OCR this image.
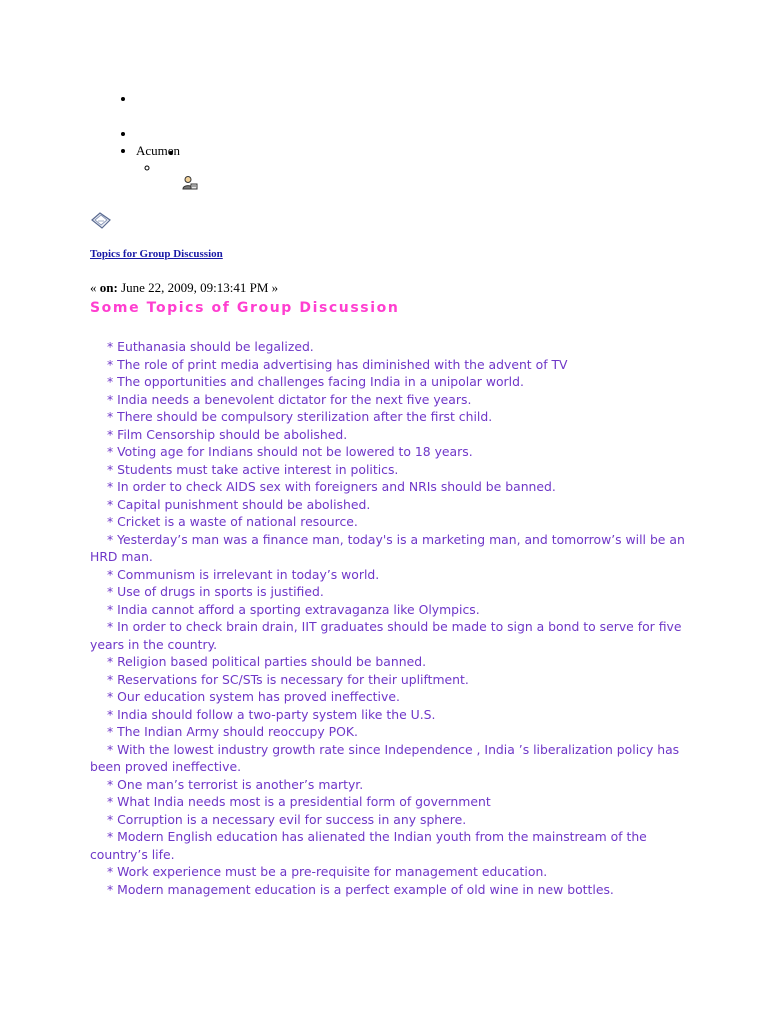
•
•
• Acumen
◦
Topics for Group Discussion
« on: June 22, 2009, 09:13:41 PM »
Some Topics of Group Discussion

* Euthanasia should be legalized.

* The role of print media advertising has diminished with the advent of TV

* The opportunities and challenges facing India in a unipolar world.

* India needs a benevolent dictator for the next five years.

* There should be compulsory sterilization after the first child.

* Film Censorship should be abolished.

* Voting age for Indians should not be lowered to 18 years.

* Students must take active interest in politics.

* In order to check AIDS sex with foreigners and NRIs should be banned.

* Capital punishment should be abolished.

* Cricket is a waste of national resource.

* Yesterday’s man was a finance man, today's is a marketing man, and tomorrow’s will be an HRD man.

* Communism is irrelevant in today’s world.

* Use of drugs in sports is justified.

* India cannot afford a sporting extravaganza like Olympics.

* In order to check brain drain, IIT graduates should be made to sign a bond to serve for five years in the country.

* Religion based political parties should be banned.

* Reservations for SC/STs is necessary for their upliftment.

* Our education system has proved ineffective.

* India should follow a two-party system like the U.S.

* The Indian Army should reoccupy POK.

* With the lowest industry growth rate since Independence , India ’s liberalization policy has been proved ineffective.

* One man’s terrorist is another’s martyr.

* What India needs most is a presidential form of government

* Corruption is a necessary evil for success in any sphere.

* Modern English education has alienated the Indian youth from the mainstream of the country’s life.

* Work experience must be a pre-requisite for management education.

* Modern management education is a perfect example of old wine in new bottles.
